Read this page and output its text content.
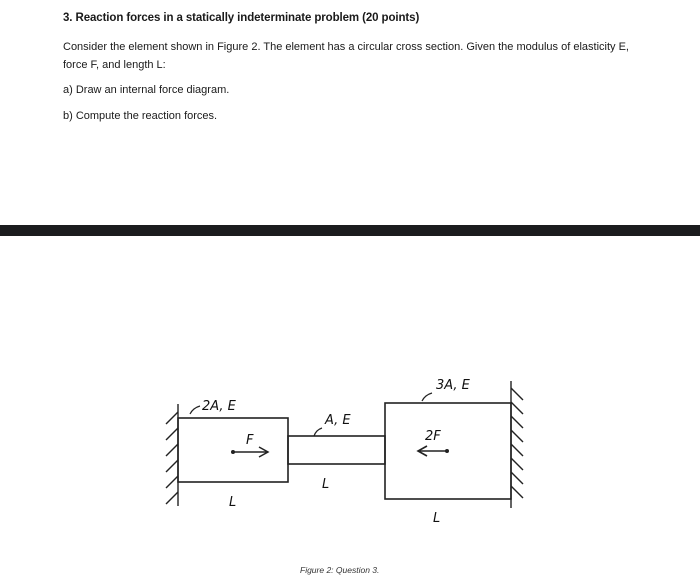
3. Reaction forces in a statically indeterminate problem (20 points)
Consider the element shown in Figure 2. The element has a circular cross section. Given the modulus of elasticity E, force F, and length L:
a) Draw an internal force diagram.
b) Compute the reaction forces.
2A, E
F
L
A, E
L
3A, E
2F
L
Figure 2: Question 3.
